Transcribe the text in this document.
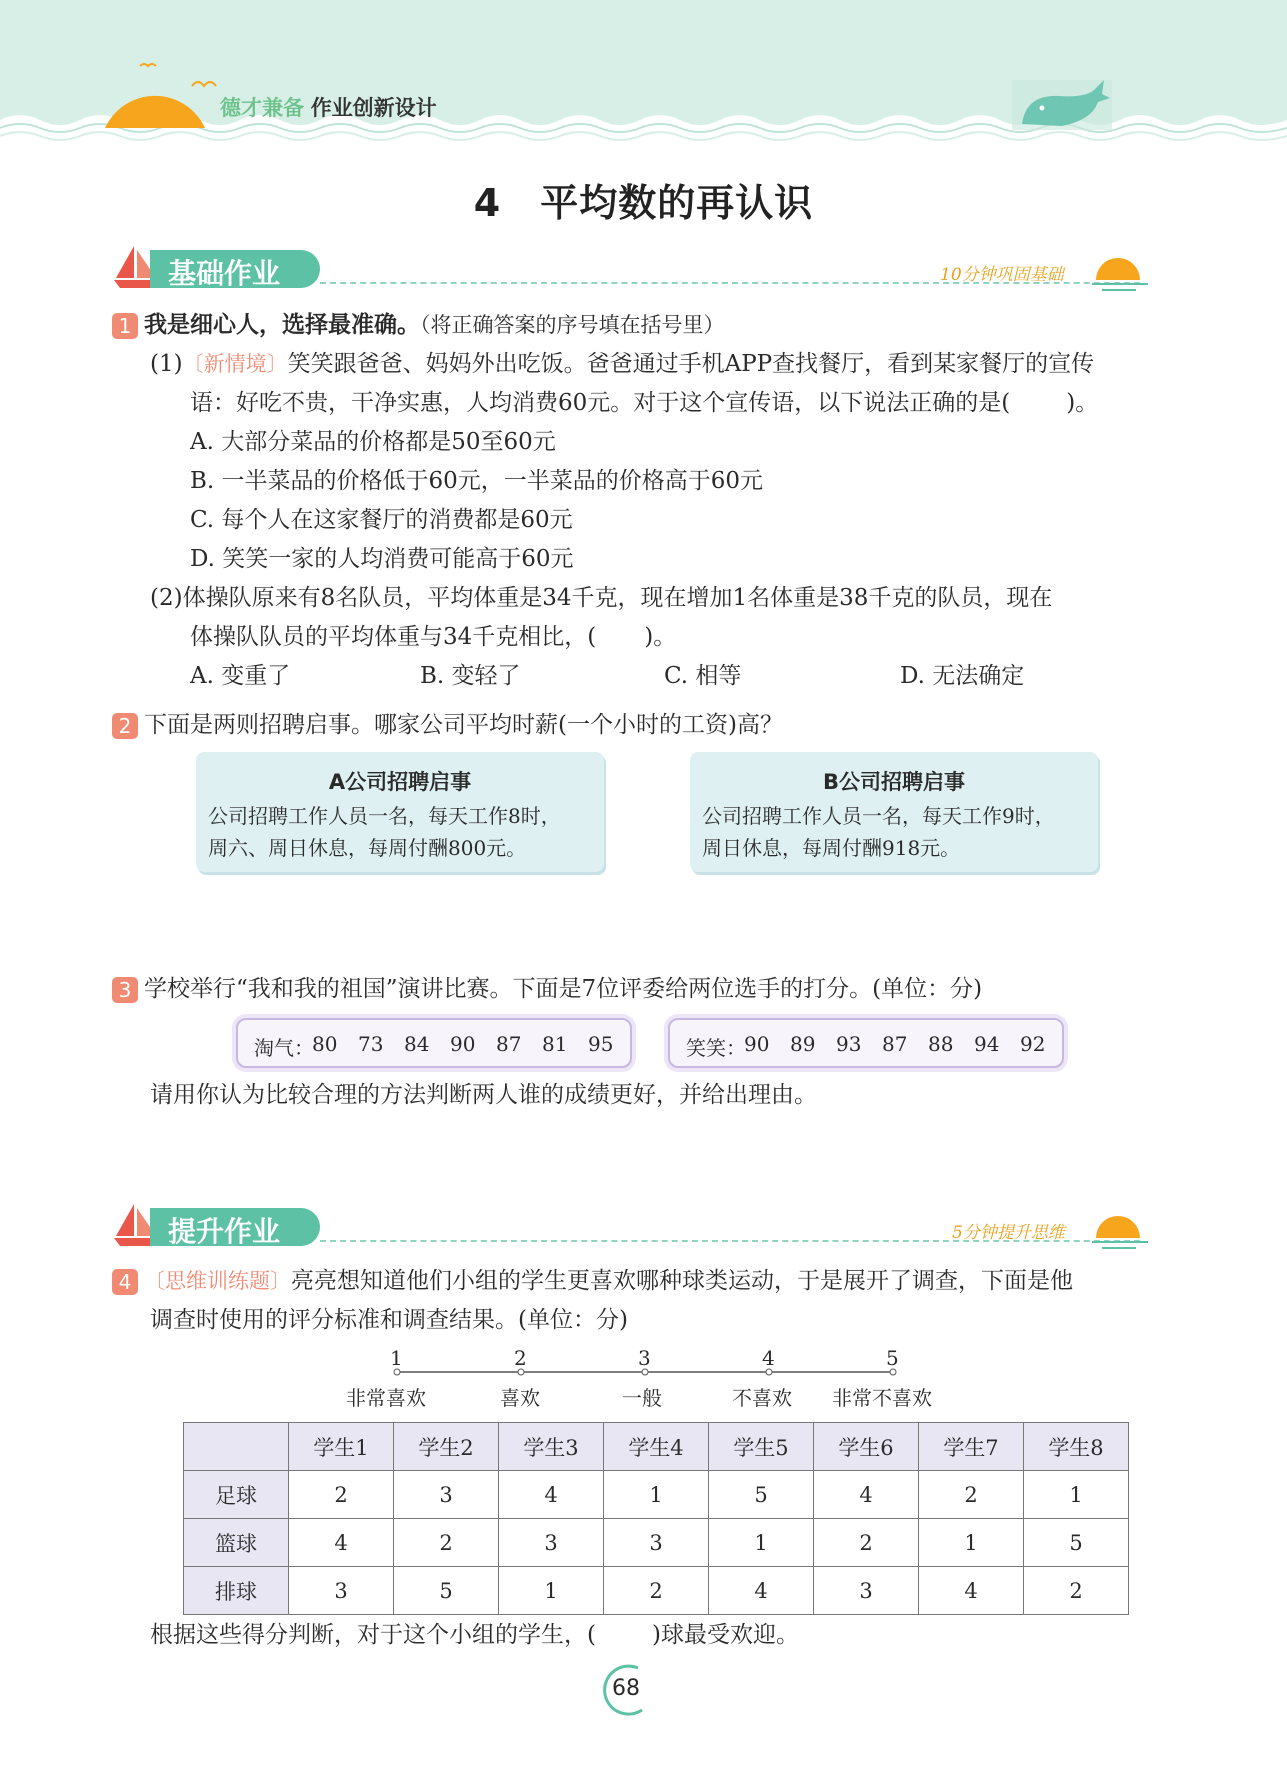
德才兼备 作业创新设计
4　平均数的再认识
基础作业	10分钟巩固基础
1 我是细心人，选择最准确。（将正确答案的序号填在括号里）
(1)〔新情境〕笑笑跟爸爸、妈妈外出吃饭。爸爸通过手机APP查找餐厅，看到某家餐厅的宣传
语：好吃不贵，干净实惠，人均消费60元。对于这个宣传语，以下说法正确的是( )。
A. 大部分菜品的价格都是50至60元
B. 一半菜品的价格低于60元，一半菜品的价格高于60元
C. 每个人在这家餐厅的消费都是60元
D. 笑笑一家的人均消费可能高于60元
(2)体操队原来有8名队员，平均体重是34千克，现在增加1名体重是38千克的队员，现在
体操队队员的平均体重与34千克相比，( )。
A. 变重了	B. 变轻了	C. 相等	D. 无法确定
2 下面是两则招聘启事。哪家公司平均时薪(一个小时的工资)高？
A公司招聘启事
公司招聘工作人员一名，每天工作8时，
周六、周日休息，每周付酬800元。
B公司招聘启事
公司招聘工作人员一名，每天工作9时，
周日休息，每周付酬918元。
3 学校举行“我和我的祖国”演讲比赛。下面是7位评委给两位选手的打分。(单位：分)
淘气：
80 73 84 90 87 81 95	笑笑：
90 89 93 87 88 94 92
请用你认为比较合理的方法判断两人谁的成绩更好，并给出理由。
提升作业	5分钟提升思维
4 〔思维训练题〕亮亮想知道他们小组的学生更喜欢哪种球类运动，于是展开了调查，下面是他
调查时使用的评分标准和调查结果。(单位：分)
1	2	3	4	5
非常喜欢	喜欢	一般	不喜欢 非常不喜欢
	学生1	学生2	学生3	学生4	学生5	学生6	学生7	学生8
足球	2	3	4	1	5	4	2	1
篮球	4	2	3	3	1	2	1	5
排球	3	5	1	2	4	3	4	2
根据这些得分判断，对于这个小组的学生，( )球最受欢迎。
68
